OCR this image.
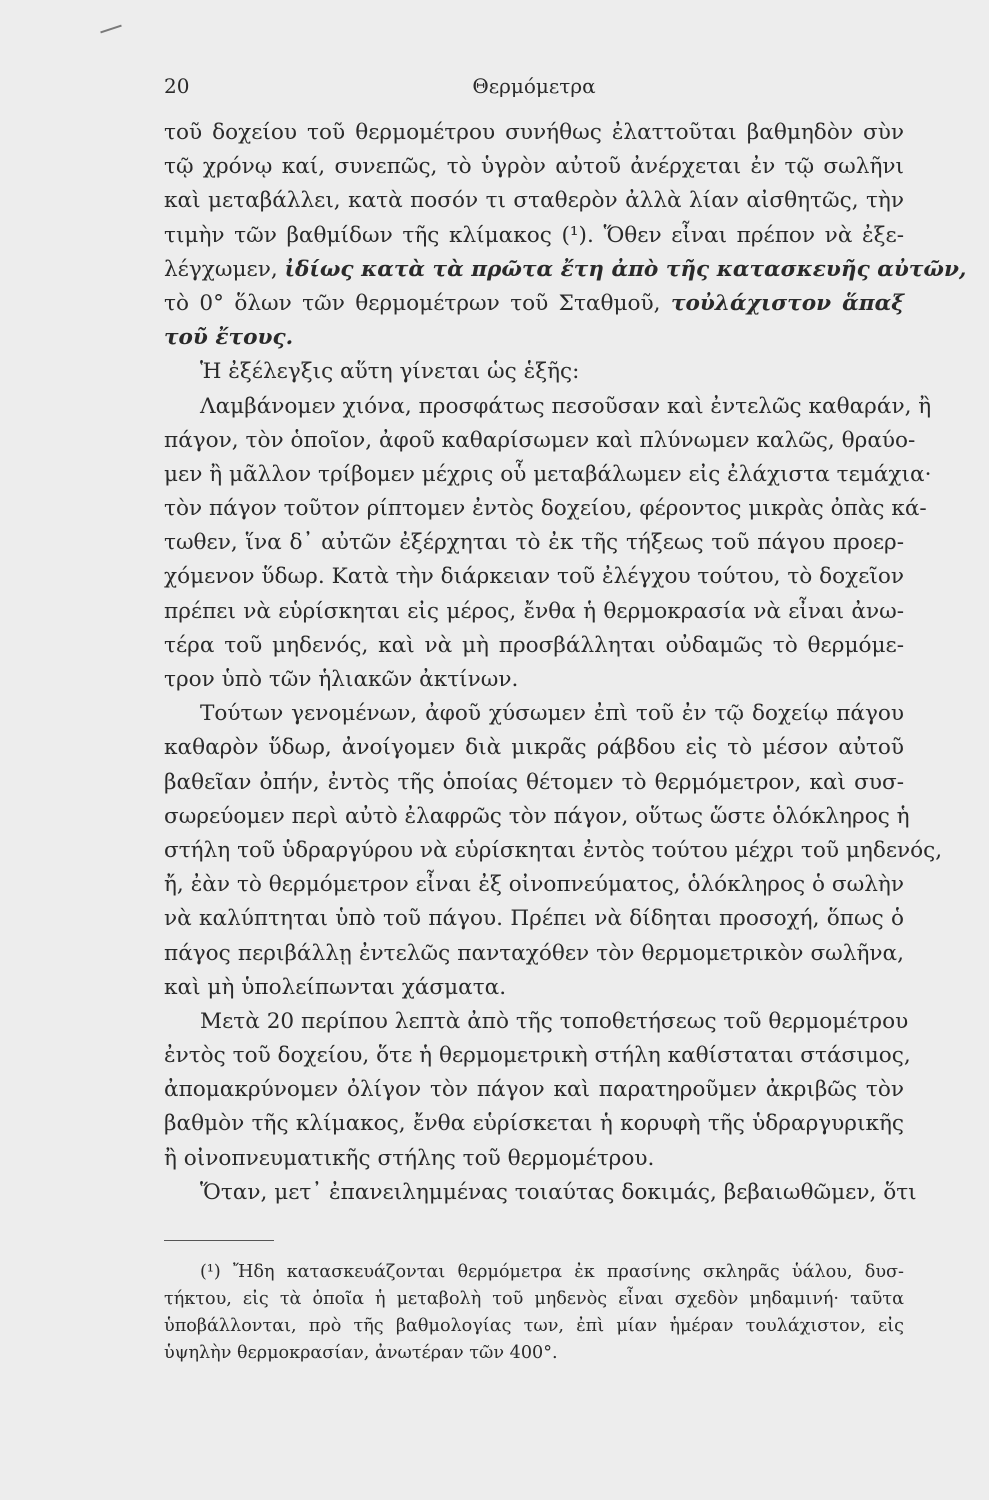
20	Θερμόμετρα
τοῦ δοχείου τοῦ θερμομέτρου συνήθως ἐλαττοῦται βαθμηδὸν σὺν
τῷ χρόνῳ καί, συνεπῶς, τὸ ὑγρὸν αὐτοῦ ἀνέρχεται ἐν τῷ σωλῆνι
καὶ μεταβάλλει, κατὰ ποσόν τι σταθερὸν ἀλλὰ λίαν αἰσθητῶς, τὴν
τιμὴν τῶν βαθμίδων τῆς κλίμακος (¹). Ὅθεν εἶναι πρέπον νὰ ἐξε-
λέγχωμεν, ἰδίως κατὰ τὰ πρῶτα ἔτη ἀπὸ τῆς κατασκευῆς αὐτῶν,
τὸ 0° ὅλων τῶν θερμομέτρων τοῦ Σταθμοῦ, τοὐλάχιστον ἅπαξ
τοῦ ἔτους.
Ἡ ἐξέλεγξις αὕτη γίνεται ὡς ἑξῆς:
Λαμβάνομεν χιόνα, προσφάτως πεσοῦσαν καὶ ἐντελῶς καθαράν, ἢ
πάγον, τὸν ὁποῖον, ἀφοῦ καθαρίσωμεν καὶ πλύνωμεν καλῶς, θραύο-
μεν ἢ μᾶλλον τρίβομεν μέχρις οὗ μεταβάλωμεν εἰς ἐλάχιστα τεμάχια·
τὸν πάγον τοῦτον ρίπτομεν ἐντὸς δοχείου, φέροντος μικρὰς ὀπὰς κά-
τωθεν, ἵνα δ᾽ αὐτῶν ἐξέρχηται τὸ ἐκ τῆς τήξεως τοῦ πάγου προερ-
χόμενον ὕδωρ. Κατὰ τὴν διάρκειαν τοῦ ἐλέγχου τούτου, τὸ δοχεῖον
πρέπει νὰ εὑρίσκηται εἰς μέρος, ἔνθα ἡ θερμοκρασία νὰ εἶναι ἀνω-
τέρα τοῦ μηδενός, καὶ νὰ μὴ προσβάλληται οὐδαμῶς τὸ θερμόμε-
τρον ὑπὸ τῶν ἡλιακῶν ἀκτίνων.
Τούτων γενομένων, ἀφοῦ χύσωμεν ἐπὶ τοῦ ἐν τῷ δοχείῳ πάγου
καθαρὸν ὕδωρ, ἀνοίγομεν διὰ μικρᾶς ράβδου εἰς τὸ μέσον αὐτοῦ
βαθεῖαν ὀπήν, ἐντὸς τῆς ὁποίας θέτομεν τὸ θερμόμετρον, καὶ συσ-
σωρεύομεν περὶ αὐτὸ ἐλαφρῶς τὸν πάγον, οὕτως ὥστε ὁλόκληρος ἡ
στήλη τοῦ ὑδραργύρου νὰ εὑρίσκηται ἐντὸς τούτου μέχρι τοῦ μηδενός,
ἤ, ἐὰν τὸ θερμόμετρον εἶναι ἐξ οἰνοπνεύματος, ὁλόκληρος ὁ σωλὴν
νὰ καλύπτηται ὑπὸ τοῦ πάγου. Πρέπει νὰ δίδηται προσοχή, ὅπως ὁ
πάγος περιβάλλῃ ἐντελῶς πανταχόθεν τὸν θερμομετρικὸν σωλῆνα,
καὶ μὴ ὑπολείπωνται χάσματα.
Μετὰ 20 περίπου λεπτὰ ἀπὸ τῆς τοποθετήσεως τοῦ θερμομέτρου
ἐντὸς τοῦ δοχείου, ὅτε ἡ θερμομετρικὴ στήλη καθίσταται στάσιμος,
ἀπομακρύνομεν ὀλίγον τὸν πάγον καὶ παρατηροῦμεν ἀκριβῶς τὸν
βαθμὸν τῆς κλίμακος, ἔνθα εὑρίσκεται ἡ κορυφὴ τῆς ὑδραργυρικῆς
ἢ οἰνοπνευματικῆς στήλης τοῦ θερμομέτρου.
Ὅταν, μετ᾽ ἐπανειλημμένας τοιαύτας δοκιμάς, βεβαιωθῶμεν, ὅτι
(¹) Ἤδη κατασκευάζονται θερμόμετρα ἐκ πρασίνης σκληρᾶς ὑάλου, δυσ-
τήκτου, εἰς τὰ ὁποῖα ἡ μεταβολὴ τοῦ μηδενὸς εἶναι σχεδὸν μηδαμινή· ταῦτα
ὑποβάλλονται, πρὸ τῆς βαθμολογίας των, ἐπὶ μίαν ἡμέραν τουλάχιστον, εἰς
ὑψηλὴν θερμοκρασίαν, ἀνωτέραν τῶν 400°.
